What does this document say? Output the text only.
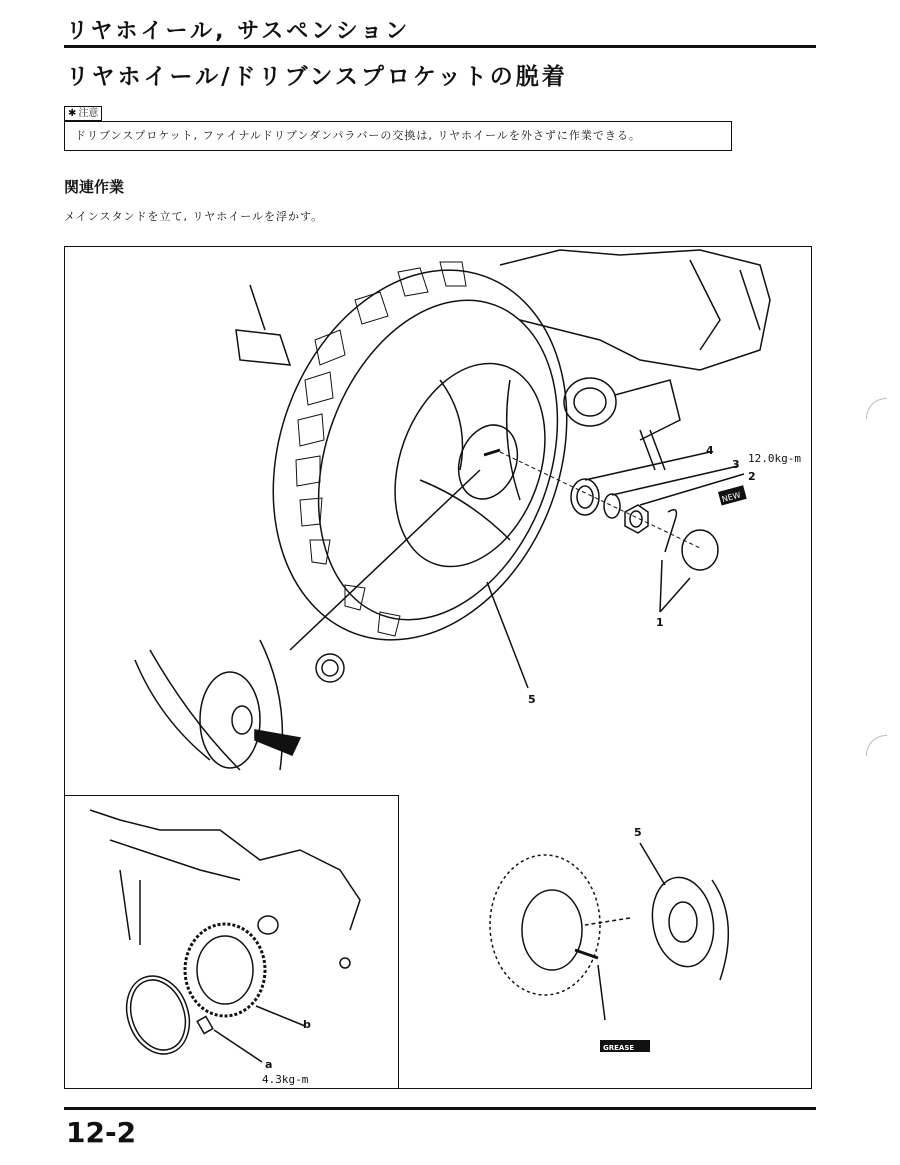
リヤホイール, サスペンション
リヤホイール/ドリブンスプロケットの脱着
✱ 注意
ドリブンスプロケット, ファイナルドリブンダンパラバーの交換は, リヤホイールを外さずに作業できる。
関連作業
メインスタンドを立て, リヤホイールを浮かす。
NEW
GREASE
4
3
2
12.0kg-m
1
5
5
b
a
4.3kg-m
12-2
